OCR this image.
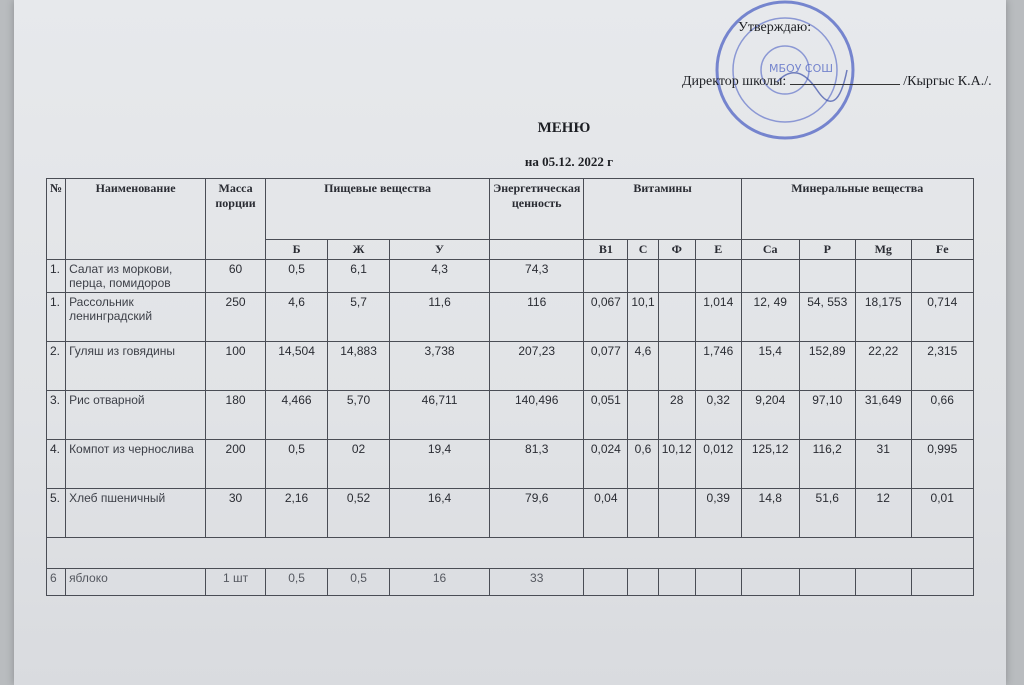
МБОУ СОШ
Утверждаю:
Директор школы:	/Кыргыс К.А./.
МЕНЮ
на 05.12. 2022 г
№	Наименование	Масса порции	Пищевые вещества			Энергетическая ценность	Витамины				Минеральные вещества			
			Б	Ж	У		В1	С	Ф	Е	Ca	P	Mg	Fe
1.	Салат из моркови, перца, помидоров	60	0,5	6,1	4,3	74,3								
1.	Рассольник ленинградский	250	4,6	5,7	11,6	116	0,067	10,1		1,014	12, 49	54, 553	18,175	0,714
2.	Гуляш из говядины	100	14,504	14,883	3,738	207,23	0,077	4,6		1,746	15,4	152,89	22,22	2,315
3.	Рис отварной	180	4,466	5,70	46,711	140,496	0,051		28	0,32	9,204	97,10	31,649	0,66
4.	Компот из чернослива	200	0,5	02	19,4	81,3	0,024	0,6	10,12	0,012	125,12	116,2	31	0,995
5.	Хлеб пшеничный	30	2,16	0,52	16,4	79,6	0,04			0,39	14,8	51,6	12	0,01

6	яблоко	1 шт	0,5	0,5	16	33								
